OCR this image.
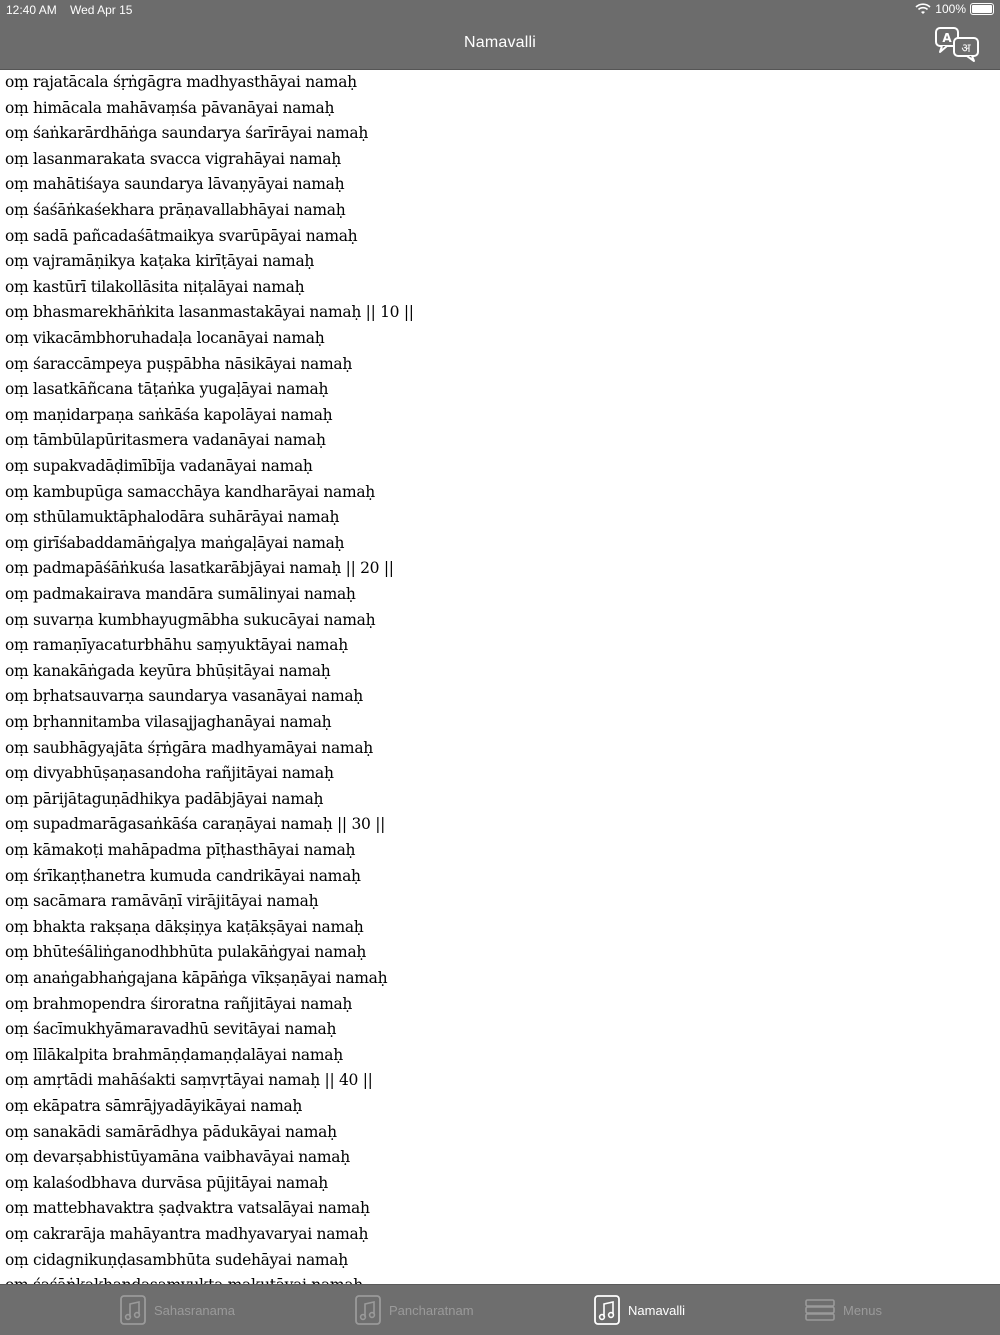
12:40 AM Wed Apr 15	100%
Namavalli	A
अ
oṃ rajatācala śṛṅgāgra madhyasthāyai namaḥ
oṃ himācala mahāvaṃśa pāvanāyai namaḥ
oṃ śaṅkarārdhāṅga saundarya śarīrāyai namaḥ
oṃ lasanmarakata svacca vigrahāyai namaḥ
oṃ mahātiśaya saundarya lāvaṇyāyai namaḥ
oṃ śaśāṅkaśekhara prāṇavallabhāyai namaḥ
oṃ sadā pañcadaśātmaikya svarūpāyai namaḥ
oṃ vajramāṇikya kaṭaka kirīṭāyai namaḥ
oṃ kastūrī tilakollāsita niṭalāyai namaḥ
oṃ bhasmarekhāṅkita lasanmastakāyai namaḥ || 10 ||
oṃ vikacāmbhoruhadaḷa locanāyai namaḥ
oṃ śaraccāmpeya puṣpābha nāsikāyai namaḥ
oṃ lasatkāñcana tāṭaṅka yugaḷāyai namaḥ
oṃ maṇidarpaṇa saṅkāśa kapolāyai namaḥ
oṃ tāmbūlapūritasmera vadanāyai namaḥ
oṃ supakvadāḍimībīja vadanāyai namaḥ
oṃ kambupūga samacchāya kandharāyai namaḥ
oṃ sthūlamuktāphalodāra suhārāyai namaḥ
oṃ girīśabaddamāṅgaḷya maṅgaḷāyai namaḥ
oṃ padmapāśāṅkuśa lasatkarābjāyai namaḥ || 20 ||
oṃ padmakairava mandāra sumālinyai namaḥ
oṃ suvarṇa kumbhayugmābha sukucāyai namaḥ
oṃ ramaṇīyacaturbhāhu saṃyuktāyai namaḥ
oṃ kanakāṅgada keyūra bhūṣitāyai namaḥ
oṃ bṛhatsauvarṇa saundarya vasanāyai namaḥ
oṃ bṛhannitamba vilasajjaghanāyai namaḥ
oṃ saubhāgyajāta śṛṅgāra madhyamāyai namaḥ
oṃ divyabhūṣaṇasandoha rañjitāyai namaḥ
oṃ pārijātaguṇādhikya padābjāyai namaḥ
oṃ supadmarāgasaṅkāśa caraṇāyai namaḥ || 30 ||
oṃ kāmakoṭi mahāpadma pīṭhasthāyai namaḥ
oṃ śrīkaṇṭhanetra kumuda candrikāyai namaḥ
oṃ sacāmara ramāvāṇī virājitāyai namaḥ
oṃ bhakta rakṣaṇa dākṣiṇya kaṭākṣāyai namaḥ
oṃ bhūteśāliṅganodhbhūta pulakāṅgyai namaḥ
oṃ anaṅgabhaṅgajana kāpāṅga vīkṣaṇāyai namaḥ
oṃ brahmopendra śiroratna rañjitāyai namaḥ
oṃ śacīmukhyāmaravadhū sevitāyai namaḥ
oṃ līlākalpita brahmāṇḍamaṇḍalāyai namaḥ
oṃ amṛtādi mahāśakti saṃvṛtāyai namaḥ || 40 ||
oṃ ekāpatra sāmrājyadāyikāyai namaḥ
oṃ sanakādi samārādhya pādukāyai namaḥ
oṃ devarṣabhistūyamāna vaibhavāyai namaḥ
oṃ kalaśodbhava durvāsa pūjitāyai namaḥ
oṃ mattebhavaktra ṣaḍvaktra vatsalāyai namaḥ
oṃ cakrarāja mahāyantra madhyavaryai namaḥ
oṃ cidagnikuṇḍasambhūta sudehāyai namaḥ
Sahasranama	Pancharatnam	Namavalli	Menus
